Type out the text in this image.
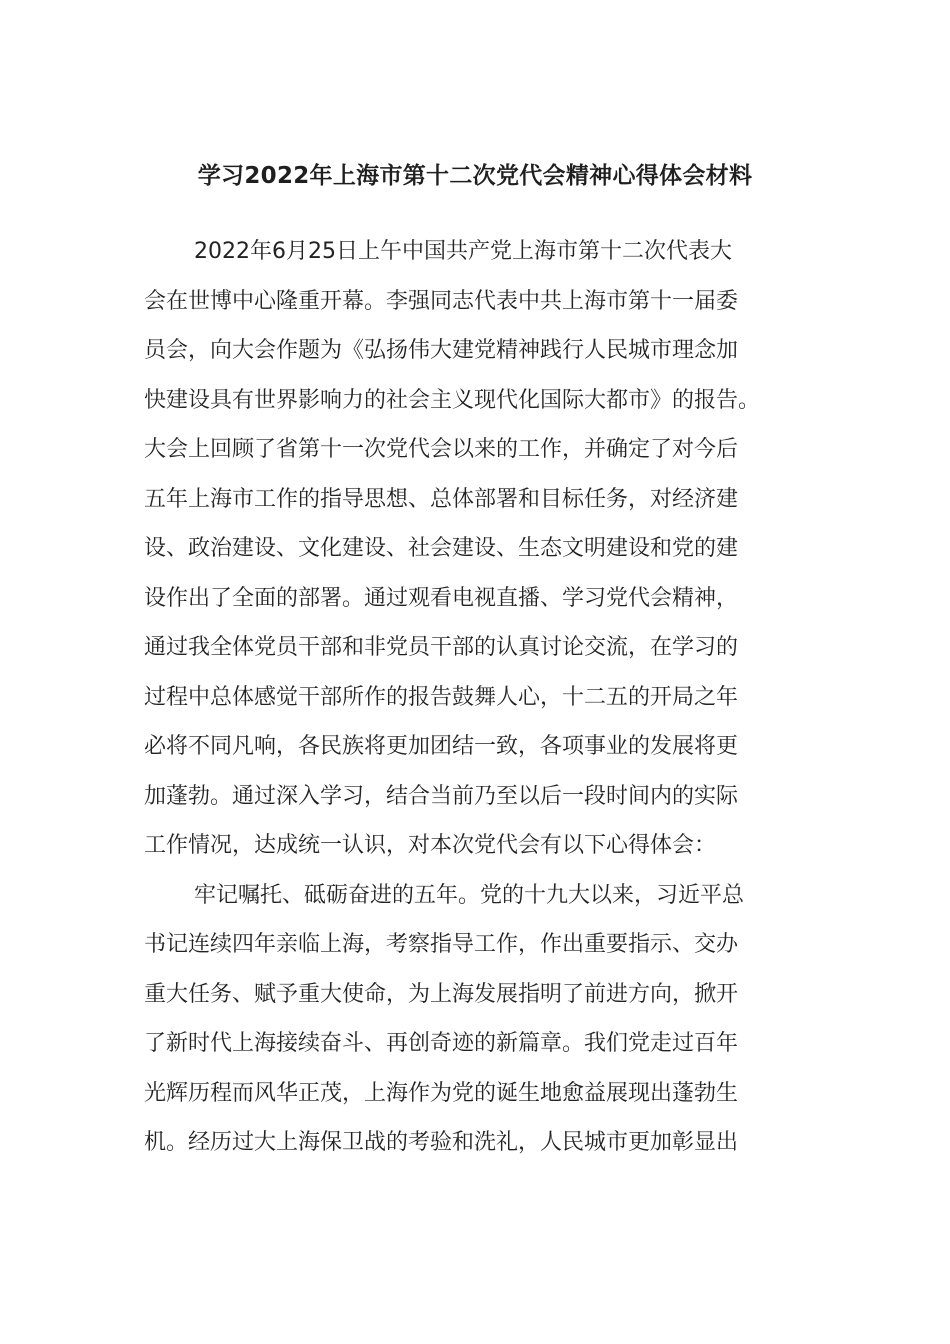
学习2022年上海市第十二次党代会精神心得体会材料
2022年6月25日上午中国共产党上海市第十二次代表大
会在世博中心隆重开幕。李强同志代表中共上海市第十一届委
员会，向大会作题为《弘扬伟大建党精神践行人民城市理念加
快建设具有世界影响力的社会主义现代化国际大都市》的报告。
大会上回顾了省第十一次党代会以来的工作，并确定了对今后
五年上海市工作的指导思想、总体部署和目标任务，对经济建
设、政治建设、文化建设、社会建设、生态文明建设和党的建
设作出了全面的部署。通过观看电视直播、学习党代会精神，
通过我全体党员干部和非党员干部的认真讨论交流，在学习的
过程中总体感觉干部所作的报告鼓舞人心，十二五的开局之年
必将不同凡响，各民族将更加团结一致，各项事业的发展将更
加蓬勃。通过深入学习，结合当前乃至以后一段时间内的实际
工作情况，达成统一认识，对本次党代会有以下心得体会：
牢记嘱托、砥砺奋进的五年。党的十九大以来，习近平总
书记连续四年亲临上海，考察指导工作，作出重要指示、交办
重大任务、赋予重大使命，为上海发展指明了前进方向，掀开
了新时代上海接续奋斗、再创奇迹的新篇章。我们党走过百年
光辉历程而风华正茂，上海作为党的诞生地愈益展现出蓬勃生
机。经历过大上海保卫战的考验和洗礼，人民城市更加彰显出
